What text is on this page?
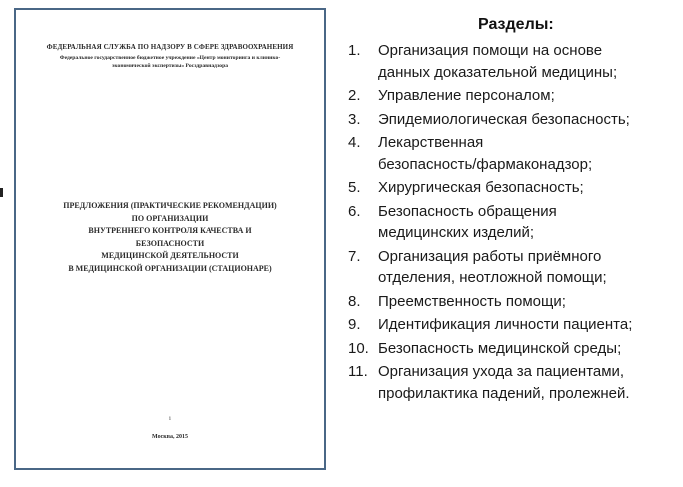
ФЕДЕРАЛЬНАЯ СЛУЖБА ПО НАДЗОРУ В СФЕРЕ ЗДРАВООХРАНЕНИЯ
Федеральное государственное бюджетное учреждение «Центр мониторинга и клинико-
экономической экспертизы» Росздравнадзора
ПРЕДЛОЖЕНИЯ (ПРАКТИЧЕСКИЕ РЕКОМЕНДАЦИИ)
ПО ОРГАНИЗАЦИИ
ВНУТРЕННЕГО КОНТРОЛЯ КАЧЕСТВА И
БЕЗОПАСНОСТИ
МЕДИЦИНСКОЙ ДЕЯТЕЛЬНОСТИ
В МЕДИЦИНСКОЙ ОРГАНИЗАЦИИ (СТАЦИОНАРЕ)
i
Москва, 2015
Разделы:
1.	Организация помощи на основе
данных доказательной медицины;
2.	Управление персоналом;
3.	Эпидемиологическая безопасность;
4.	Лекарственная
безопасность/фармаконадзор;
5.	Хирургическая безопасность;
6.	Безопасность обращения
медицинских изделий;
7.	Организация работы приёмного
отделения, неотложной помощи;
8.	Преемственность помощи;
9.	Идентификация личности пациента;
10. Безопасность медицинской среды;
11. Организация ухода за пациентами,
профилактика падений, пролежней.
